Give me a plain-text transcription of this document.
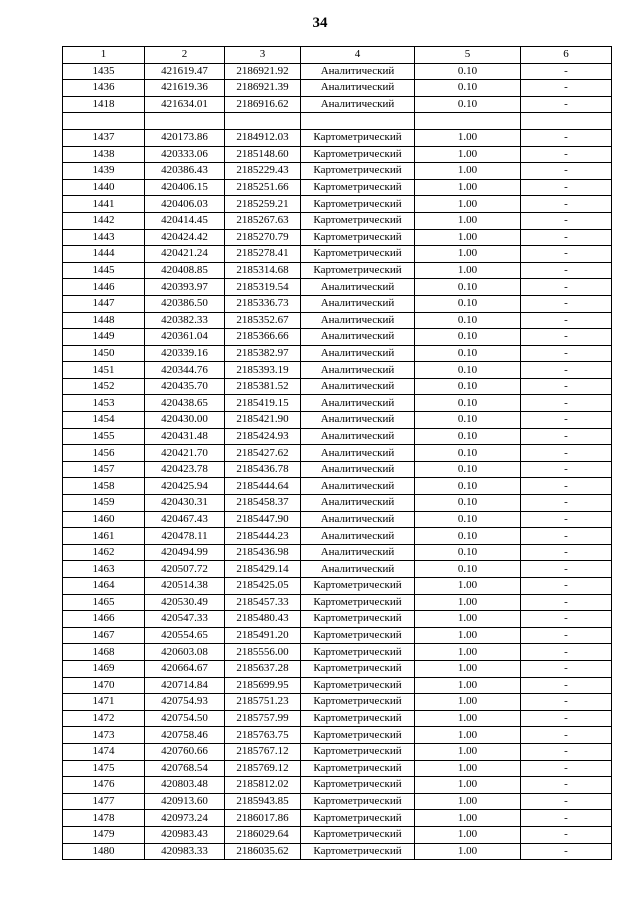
34
1	2	3	4	5	6
1435	421619.47	2186921.92	Аналитический	0.10	-
1436	421619.36	2186921.39	Аналитический	0.10	-
1418	421634.01	2186916.62	Аналитический	0.10	-

1437	420173.86	2184912.03	Картометрический	1.00	-
1438	420333.06	2185148.60	Картометрический	1.00	-
1439	420386.43	2185229.43	Картометрический	1.00	-
1440	420406.15	2185251.66	Картометрический	1.00	-
1441	420406.03	2185259.21	Картометрический	1.00	-
1442	420414.45	2185267.63	Картометрический	1.00	-
1443	420424.42	2185270.79	Картометрический	1.00	-
1444	420421.24	2185278.41	Картометрический	1.00	-
1445	420408.85	2185314.68	Картометрический	1.00	-
1446	420393.97	2185319.54	Аналитический	0.10	-
1447	420386.50	2185336.73	Аналитический	0.10	-
1448	420382.33	2185352.67	Аналитический	0.10	-
1449	420361.04	2185366.66	Аналитический	0.10	-
1450	420339.16	2185382.97	Аналитический	0.10	-
1451	420344.76	2185393.19	Аналитический	0.10	-
1452	420435.70	2185381.52	Аналитический	0.10	-
1453	420438.65	2185419.15	Аналитический	0.10	-
1454	420430.00	2185421.90	Аналитический	0.10	-
1455	420431.48	2185424.93	Аналитический	0.10	-
1456	420421.70	2185427.62	Аналитический	0.10	-
1457	420423.78	2185436.78	Аналитический	0.10	-
1458	420425.94	2185444.64	Аналитический	0.10	-
1459	420430.31	2185458.37	Аналитический	0.10	-
1460	420467.43	2185447.90	Аналитический	0.10	-
1461	420478.11	2185444.23	Аналитический	0.10	-
1462	420494.99	2185436.98	Аналитический	0.10	-
1463	420507.72	2185429.14	Аналитический	0.10	-
1464	420514.38	2185425.05	Картометрический	1.00	-
1465	420530.49	2185457.33	Картометрический	1.00	-
1466	420547.33	2185480.43	Картометрический	1.00	-
1467	420554.65	2185491.20	Картометрический	1.00	-
1468	420603.08	2185556.00	Картометрический	1.00	-
1469	420664.67	2185637.28	Картометрический	1.00	-
1470	420714.84	2185699.95	Картометрический	1.00	-
1471	420754.93	2185751.23	Картометрический	1.00	-
1472	420754.50	2185757.99	Картометрический	1.00	-
1473	420758.46	2185763.75	Картометрический	1.00	-
1474	420760.66	2185767.12	Картометрический	1.00	-
1475	420768.54	2185769.12	Картометрический	1.00	-
1476	420803.48	2185812.02	Картометрический	1.00	-
1477	420913.60	2185943.85	Картометрический	1.00	-
1478	420973.24	2186017.86	Картометрический	1.00	-
1479	420983.43	2186029.64	Картометрический	1.00	-
1480	420983.33	2186035.62	Картометрический	1.00	-
